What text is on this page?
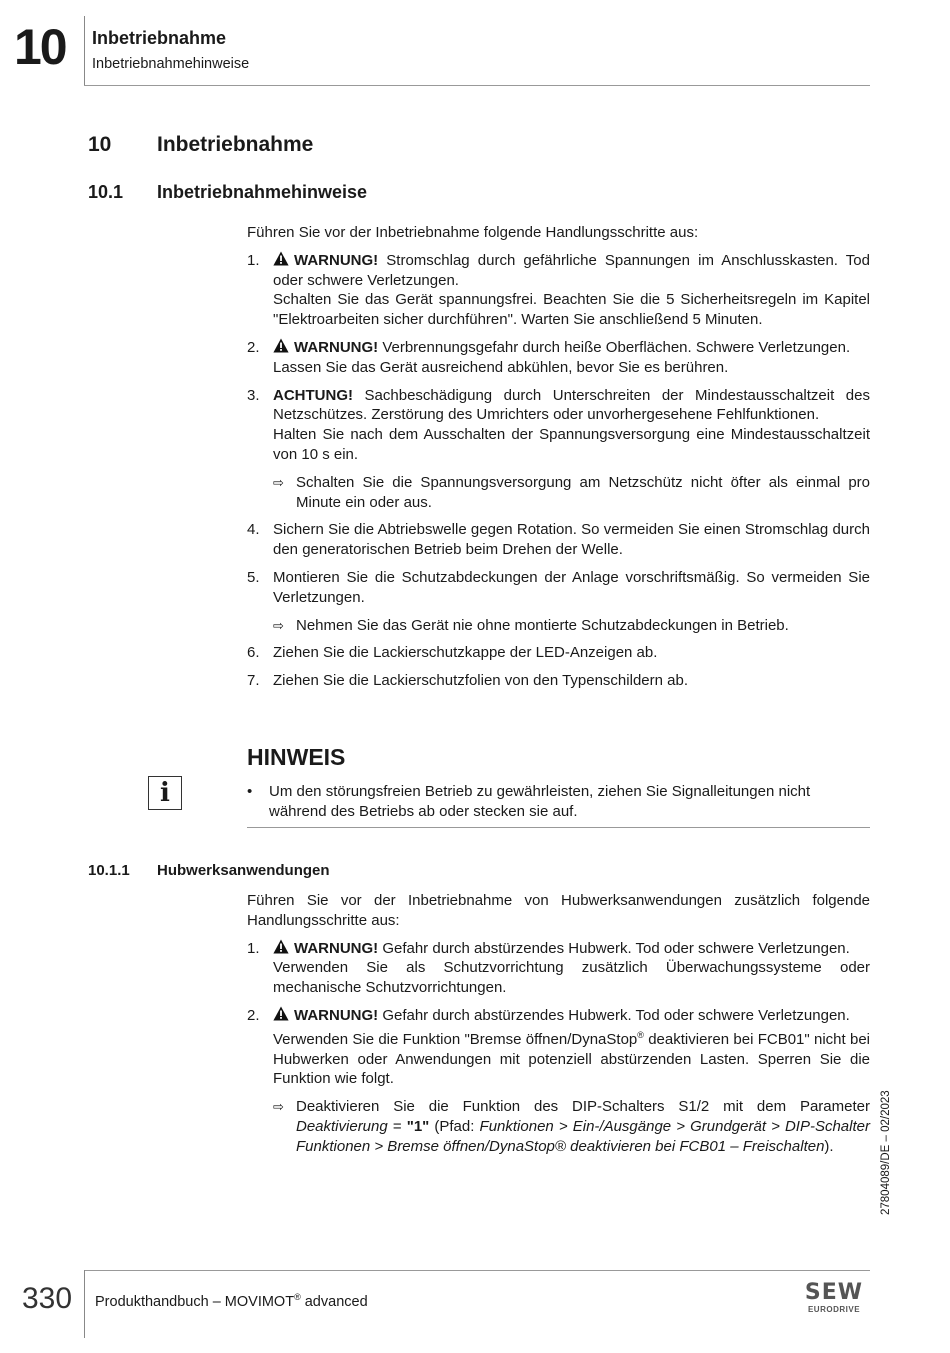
10 Inbetriebnahme
Inbetriebnahmehinweise
10 Inbetriebnahme
10.1 Inbetriebnahmehinweise

Führen Sie vor der Inbetriebnahme folgende Handlungsschritte aus:

1.	WARNUNG! Stromschlag durch gefährliche Spannungen im Anschlusskasten. Tod oder schwere Verletzungen.
Schalten Sie das Gerät spannungsfrei. Beachten Sie die 5 Sicherheitsregeln im Kapitel "Elektroarbeiten sicher durchführen". Warten Sie anschließend 5 Minuten.
2.	WARNUNG! Verbrennungsgefahr durch heiße Oberflächen. Schwere Verletzungen.
Lassen Sie das Gerät ausreichend abkühlen, bevor Sie es berühren.
3. ACHTUNG! Sachbeschädigung durch Unterschreiten der Mindestausschaltzeit des Netzschützes. Zerstörung des Umrichters oder unvorhergesehene Fehlfunktionen.
Halten Sie nach dem Ausschalten der Spannungsversorgung eine Mindestausschaltzeit von 10 s ein.
⇨ Schalten Sie die Spannungsversorgung am Netzschütz nicht öfter als einmal pro Minute ein oder aus.
4. Sichern Sie die Abtriebswelle gegen Rotation. So vermeiden Sie einen Stromschlag durch den generatorischen Betrieb beim Drehen der Welle.
5. Montieren Sie die Schutzabdeckungen der Anlage vorschriftsmäßig. So vermeiden Sie Verletzungen.
⇨ Nehmen Sie das Gerät nie ohne montierte Schutzabdeckungen in Betrieb.
6. Ziehen Sie die Lackierschutzkappe der LED-Anzeigen ab.
7. Ziehen Sie die Lackierschutzfolien von den Typenschildern ab.
HINWEIS
i	• Um den störungsfreien Betrieb zu gewährleisten, ziehen Sie Signalleitungen nicht während des Betriebs ab oder stecken sie auf.

10.1.1 Hubwerksanwendungen

Führen Sie vor der Inbetriebnahme von Hubwerksanwendungen zusätzlich folgende Handlungsschritte aus:

1.	WARNUNG! Gefahr durch abstürzendes Hubwerk. Tod oder schwere Verletzungen.
Verwenden Sie als Schutzvorrichtung zusätzlich Überwachungssysteme oder mechanische Schutzvorrichtungen.
2.	WARNUNG! Gefahr durch abstürzendes Hubwerk. Tod oder schwere Verletzungen.
Verwenden Sie die Funktion "Bremse öffnen/DynaStop® deaktivieren bei FCB01" nicht bei Hubwerken oder Anwendungen mit potenziell abstürzenden Lasten. Sperren Sie die Funktion wie folgt.
⇨ Deaktivieren Sie die Funktion des DIP-Schalters S1/2 mit dem Parameter Deaktivierung = "1" (Pfad: Funktionen > Ein-/Ausgänge > Grundgerät > DIP-Schalter Funktionen > Bremse öffnen/DynaStop® deaktivieren bei FCB01 – Freischalten).	27804089/DE – 02/2023
330 Produkthandbuch – MOVIMOT® advanced	SEW
EURODRIVE
